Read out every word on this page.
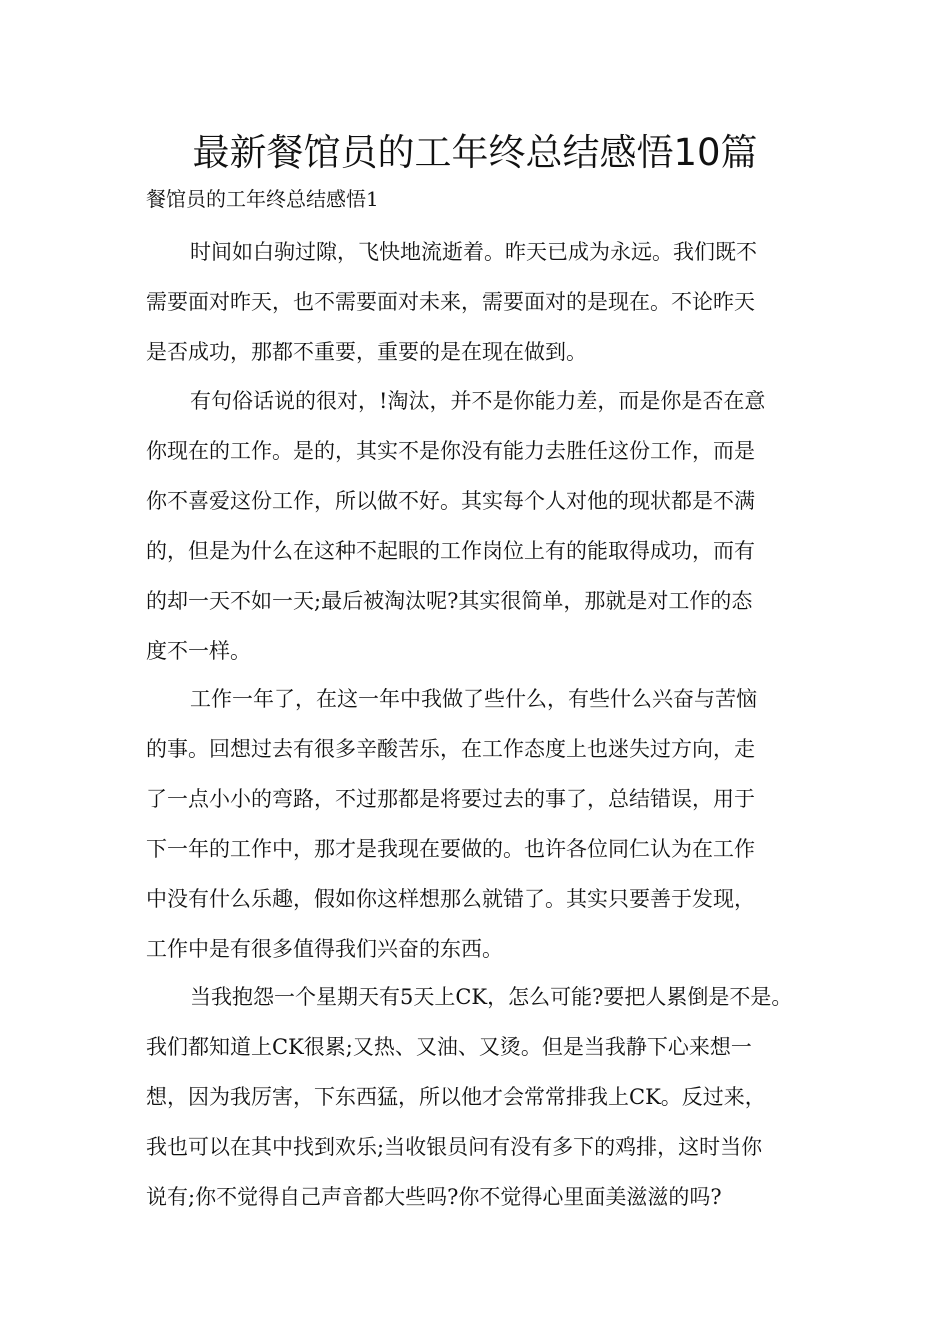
最新餐馆员的工年终总结感悟10篇
餐馆员的工年终总结感悟1
时间如白驹过隙，飞快地流逝着。昨天已成为永远。我们既不
需要面对昨天，也不需要面对未来，需要面对的是现在。不论昨天
是否成功，那都不重要，重要的是在现在做到。
有句俗话说的很对，!淘汰，并不是你能力差，而是你是否在意
你现在的工作。是的，其实不是你没有能力去胜任这份工作，而是
你不喜爱这份工作，所以做不好。其实每个人对他的现状都是不满
的，但是为什么在这种不起眼的工作岗位上有的能取得成功，而有
的却一天不如一天;最后被淘汰呢?其实很简单，那就是对工作的态
度不一样。
工作一年了，在这一年中我做了些什么，有些什么兴奋与苦恼
的事。回想过去有很多辛酸苦乐，在工作态度上也迷失过方向，走
了一点小小的弯路，不过那都是将要过去的事了，总结错误，用于
下一年的工作中，那才是我现在要做的。也许各位同仁认为在工作
中没有什么乐趣，假如你这样想那么就错了。其实只要善于发现，
工作中是有很多值得我们兴奋的东西。
当我抱怨一个星期天有5天上CK，怎么可能?要把人累倒是不是。
我们都知道上CK很累;又热、又油、又烫。但是当我静下心来想一
想，因为我厉害，下东西猛，所以他才会常常排我上CK。反过来，
我也可以在其中找到欢乐;当收银员问有没有多下的鸡排，这时当你
说有;你不觉得自己声音都大些吗?你不觉得心里面美滋滋的吗?
